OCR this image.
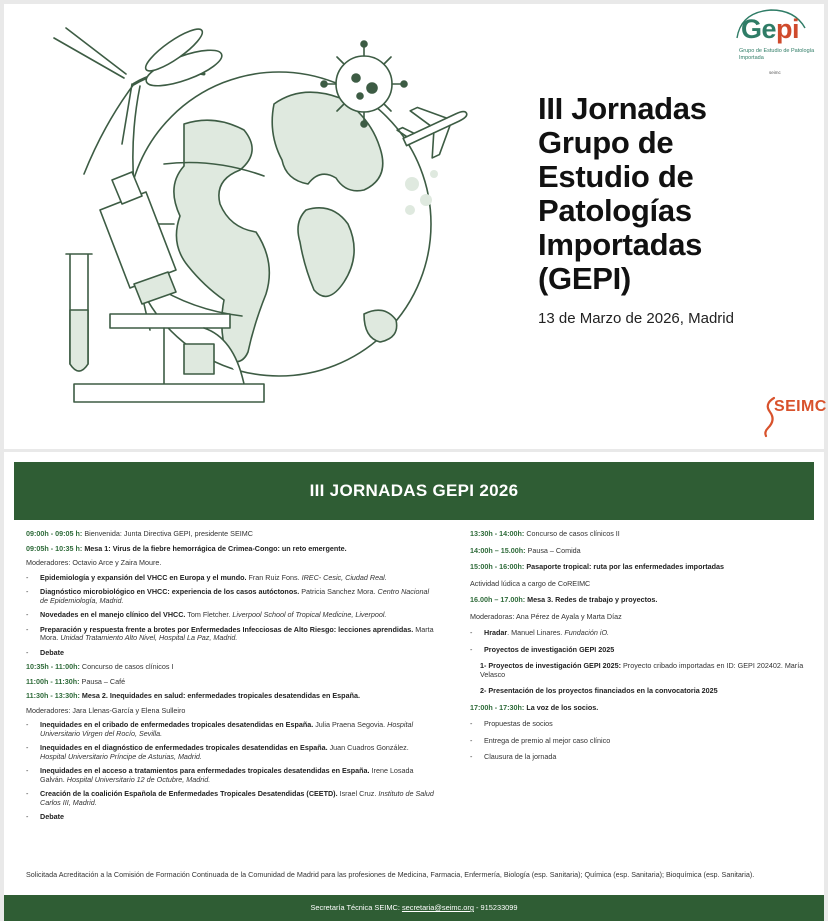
III Jornadas
Grupo de
Estudio de
Patologías
Importadas
(GEPI)
13 de Marzo de 2026, Madrid
Gepi
Grupo de Estudio de Patología Importada
seimc
SEIMC
III JORNADAS GEPI 2026
09:00h - 09:05 h: Bienvenida: Junta Directiva GEPI, presidente SEIMC
09:05h - 10:35 h: Mesa 1: Virus de la fiebre hemorrágica de Crimea-Congo: un reto emergente.
Moderadores: Octavio Arce y Zaira Moure.
-	Epidemiología y expansión del VHCC en Europa y el mundo. Fran Ruiz Fons. IREC- Cesic, Ciudad Real.
-	Diagnóstico microbiológico en VHCC: experiencia de los casos autóctonos. Patricia Sanchez Mora. Centro Nacional de Epidemiología, Madrid.
-	Novedades en el manejo clínico del VHCC. Tom Fletcher. Liverpool School of Tropical Medicine, Liverpool.
-	Preparación y respuesta frente a brotes por Enfermedades Infecciosas de Alto Riesgo: lecciones aprendidas. Marta Mora. Unidad Tratamiento Alto Nivel, Hospital La Paz, Madrid.
-	Debate
10:35h - 11:00h: Concurso de casos clínicos I
11:00h - 11:30h: Pausa – Café
11:30h - 13:30h: Mesa 2. Inequidades en salud: enfermedades tropicales desatendidas en España.
Moderadores: Jara Llenas-García y Elena Sulleiro
-	Inequidades en el cribado de enfermedades tropicales desatendidas en España. Julia Praena Segovia. Hospital Universitario Virgen del Rocío, Sevilla.
-	Inequidades en el diagnóstico de enfermedades tropicales desatendidas en España. Juan Cuadros González. Hospital Universitario Príncipe de Asturias, Madrid.
-	Inequidades en el acceso a tratamientos para enfermedades tropicales desatendidas en España. Irene Losada Galván. Hospital Universitario 12 de Octubre, Madrid.
-	Creación de la coalición Española de Enfermedades Tropicales Desatendidas (CEETD). Israel Cruz. Instituto de Salud Carlos III, Madrid.
-	Debate
13:30h - 14:00h: Concurso de casos clínicos II
14:00h – 15.00h: Pausa – Comida
15:00h - 16:00h: Pasaporte tropical: ruta por las enfermedades importadas
Actividad lúdica a cargo de CoREIMC
16.00h – 17.00h: Mesa 3. Redes de trabajo y proyectos.
Moderadoras: Ana Pérez de Ayala y Marta Díaz
-	Hradar. Manuel Linares. Fundación iO.
-	Proyectos de investigación GEPI 2025
1- Proyectos de investigación GEPI 2025: Proyecto cribado importadas en ID: GEPI 202402. María Velasco
2- Presentación de los proyectos financiados en la convocatoria 2025
17:00h - 17:30h: La voz de los socios.
-	Propuestas de socios
-	Entrega de premio al mejor caso clínico
-	Clausura de la jornada
Solicitada Acreditación a la Comisión de Formación Continuada de la Comunidad de Madrid para las profesiones de Medicina, Farmacia, Enfermería, Biología (esp. Sanitaria); Química (esp. Sanitaria); Bioquímica (esp. Sanitaria).
Secretaría Técnica SEIMC: secretaria@seimc.org - 915233099
